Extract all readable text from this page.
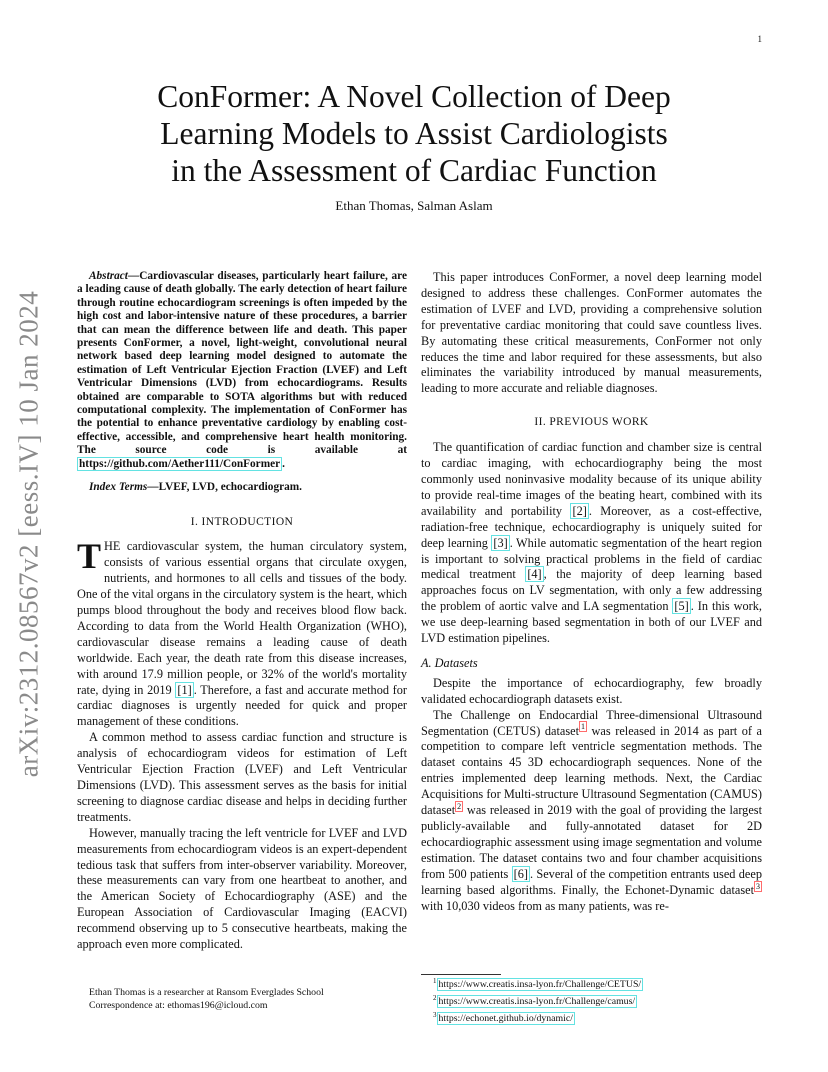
1
arXiv:2312.08567v2 [eess.IV] 10 Jan 2024
ConFormer: A Novel Collection of Deep
Learning Models to Assist Cardiologists
in the Assessment of Cardiac Function
Ethan Thomas, Salman Aslam

Abstract—Cardiovascular diseases, particularly heart failure, are a leading cause of death globally. The early detection of heart failure through routine echocardiogram screenings is often impeded by the high cost and labor-intensive nature of these procedures, a barrier that can mean the difference between life and death. This paper presents ConFormer, a novel, light-weight, convolutional neural network based deep learning model designed to automate the estimation of Left Ventricular Ejection Fraction (LVEF) and Left Ventricular Dimensions (LVD) from echocardiograms. Results obtained are comparable to SOTA algorithms but with reduced computational complexity. The implementation of ConFormer has the potential to enhance preventative cardiology by enabling cost-effective, accessible, and comprehensive heart health monitoring. The source code is available at https://github.com/Aether111/ConFormer .

Index Terms—LVEF, LVD, echocardiogram.

I. INTRODUCTION

THE cardiovascular system, the human circulatory system, consists of various essential organs that circulate oxygen, nutrients, and hormones to all cells and tissues of the body. One of the vital organs in the circulatory system is the heart, which pumps blood throughout the body and receives blood flow back. According to data from the World Health Organization (WHO), cardiovascular disease remains a leading cause of death worldwide. Each year, the death rate from this disease increases, with around 17.9 million people, or 32% of the world's mortality rate, dying in 2019 [1] . Therefore, a fast and accurate method for cardiac diagnoses is urgently needed for quick and proper management of these conditions.

A common method to assess cardiac function and structure is analysis of echocardiogram videos for estimation of Left Ventricular Ejection Fraction (LVEF) and Left Ventricular Dimensions (LVD). This assessment serves as the basis for initial screening to diagnose cardiac disease and helps in deciding further treatments.

However, manually tracing the left ventricle for LVEF and LVD measurements from echocardiogram videos is an expert-dependent tedious task that suffers from inter-observer variability. Moreover, these measurements can vary from one heartbeat to another, and the American Society of Echocardiography (ASE) and the European Association of Cardiovascular Imaging (EACVI) recommend observing up to 5 consecutive heartbeats, making the approach even more complicated.

This paper introduces ConFormer, a novel deep learning model designed to address these challenges. ConFormer automates the estimation of LVEF and LVD, providing a comprehensive solution for preventative cardiac monitoring that could save countless lives. By automating these critical measurements, ConFormer not only reduces the time and labor required for these assessments, but also eliminates the variability introduced by manual measurements, leading to more accurate and reliable diagnoses.

II. PREVIOUS WORK

The quantification of cardiac function and chamber size is central to cardiac imaging, with echocardiography being the most commonly used noninvasive modality because of its unique ability to provide real-time images of the beating heart, combined with its availability and portability [2] . Moreover, as a cost-effective, radiation-free technique, echocardiography is uniquely suited for deep learning [3] . While automatic segmentation of the heart region is important to solving practical problems in the field of cardiac medical treatment [4] , the majority of deep learning based approaches focus on LV segmentation, with only a few addressing the problem of aortic valve and LA segmentation [5] . In this work, we use deep-learning based segmentation in both of our LVEF and LVD estimation pipelines.

A. Datasets

Despite the importance of echocardiography, few broadly validated echocardiograph datasets exist.

The Challenge on Endocardial Three-dimensional Ultrasound Segmentation (CETUS) dataset $^1$ was released in 2014 as part of a competition to compare left ventricle segmentation methods. The dataset contains 45 3D echocardiograph sequences. None of the entries implemented deep learning methods. Next, the Cardiac Acquisitions for Multi-structure Ultrasound Segmentation (CAMUS) dataset $^2$ was released in 2019 with the goal of providing the largest publicly-available and fully-annotated dataset for 2D echocardiographic assessment using image segmentation and volume estimation. The dataset contains two and four chamber acquisitions from 500 patients [6] . Several of the competition entrants used deep learning based algorithms. Finally, the Echonet-Dynamic dataset $^3$ with 10,030 videos from as many patients, was re-

Ethan Thomas is a researcher at Ransom Everglades School

Correspondence at: ethomas196@icloud.com

$^1$ https://www.creatis.insa-lyon.fr/Challenge/CETUS/
$^2$ https://www.creatis.insa-lyon.fr/Challenge/camus/
$^3$ https://echonet.github.io/dynamic/
